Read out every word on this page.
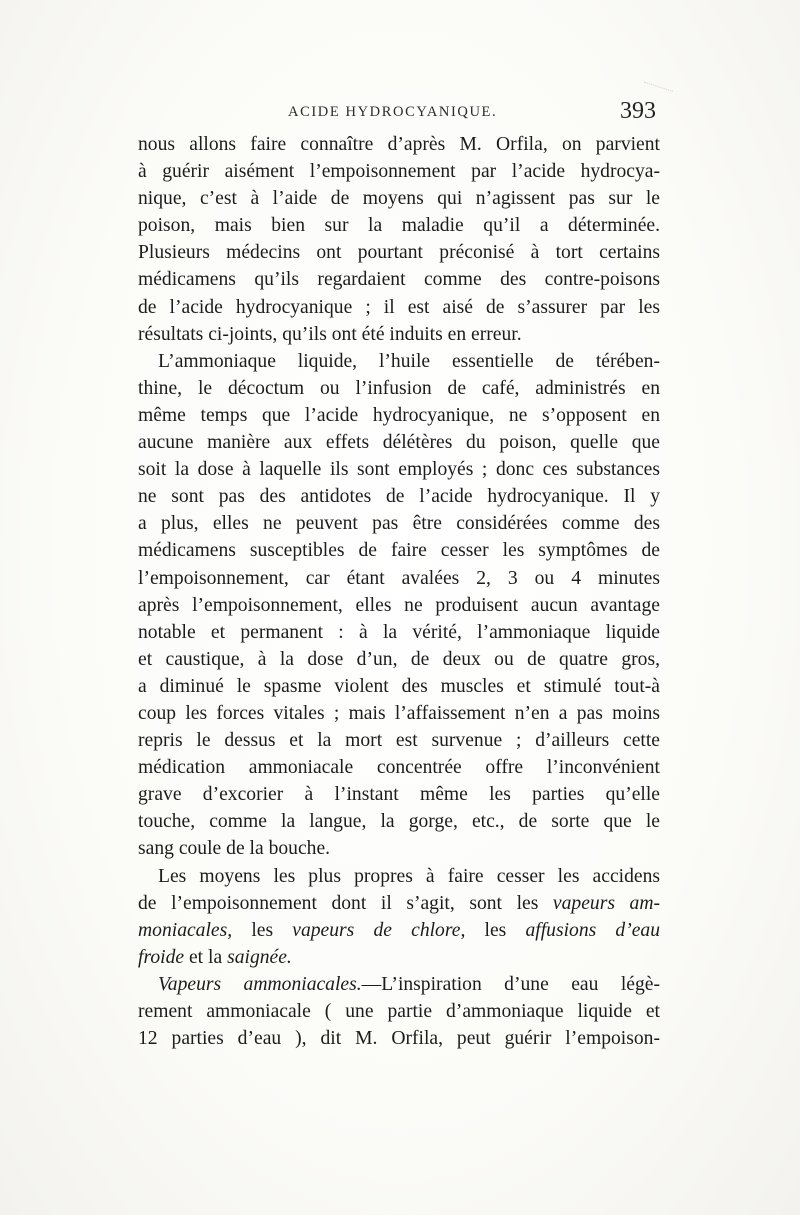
ACIDE HYDROCYANIQUE.	393
nous allons faire connaître d’après M. Orfila, on parvient
à guérir aisément l’empoisonnement par l’acide hydrocya-
nique, c’est à l’aide de moyens qui n’agissent pas sur le
poison, mais bien sur la maladie qu’il a déterminée.
Plusieurs médecins ont pourtant préconisé à tort certains
médicamens qu’ils regardaient comme des contre-poisons
de l’acide hydrocyanique ; il est aisé de s’assurer par les
résultats ci-joints, qu’ils ont été induits en erreur.
L’ammoniaque liquide, l’huile essentielle de térében-
thine, le décoctum ou l’infusion de café, administrés en
même temps que l’acide hydrocyanique, ne s’opposent en
aucune manière aux effets délétères du poison, quelle que
soit la dose à laquelle ils sont employés ; donc ces substances
ne sont pas des antidotes de l’acide hydrocyanique. Il y
a plus, elles ne peuvent pas être considérées comme des
médicamens susceptibles de faire cesser les symptômes de
l’empoisonnement, car étant avalées 2, 3 ou 4 minutes
après l’empoisonnement, elles ne produisent aucun avantage
notable et permanent : à la vérité, l’ammoniaque liquide
et caustique, à la dose d’un, de deux ou de quatre gros,
a diminué le spasme violent des muscles et stimulé tout-à
coup les forces vitales ; mais l’affaissement n’en a pas moins
repris le dessus et la mort est survenue ; d’ailleurs cette
médication ammoniacale concentrée offre l’inconvénient
grave d’excorier à l’instant même les parties qu’elle
touche, comme la langue, la gorge, etc., de sorte que le
sang coule de la bouche.
Les moyens les plus propres à faire cesser les accidens
de l’empoisonnement dont il s’agit, sont les vapeurs am-
moniacales, les vapeurs de chlore, les affusions d’eau
froide et la saignée.
Vapeurs ammoniacales.—L’inspiration d’une eau légè-
rement ammoniacale ( une partie d’ammoniaque liquide et
12 parties d’eau ), dit M. Orfila, peut guérir l’empoison-
